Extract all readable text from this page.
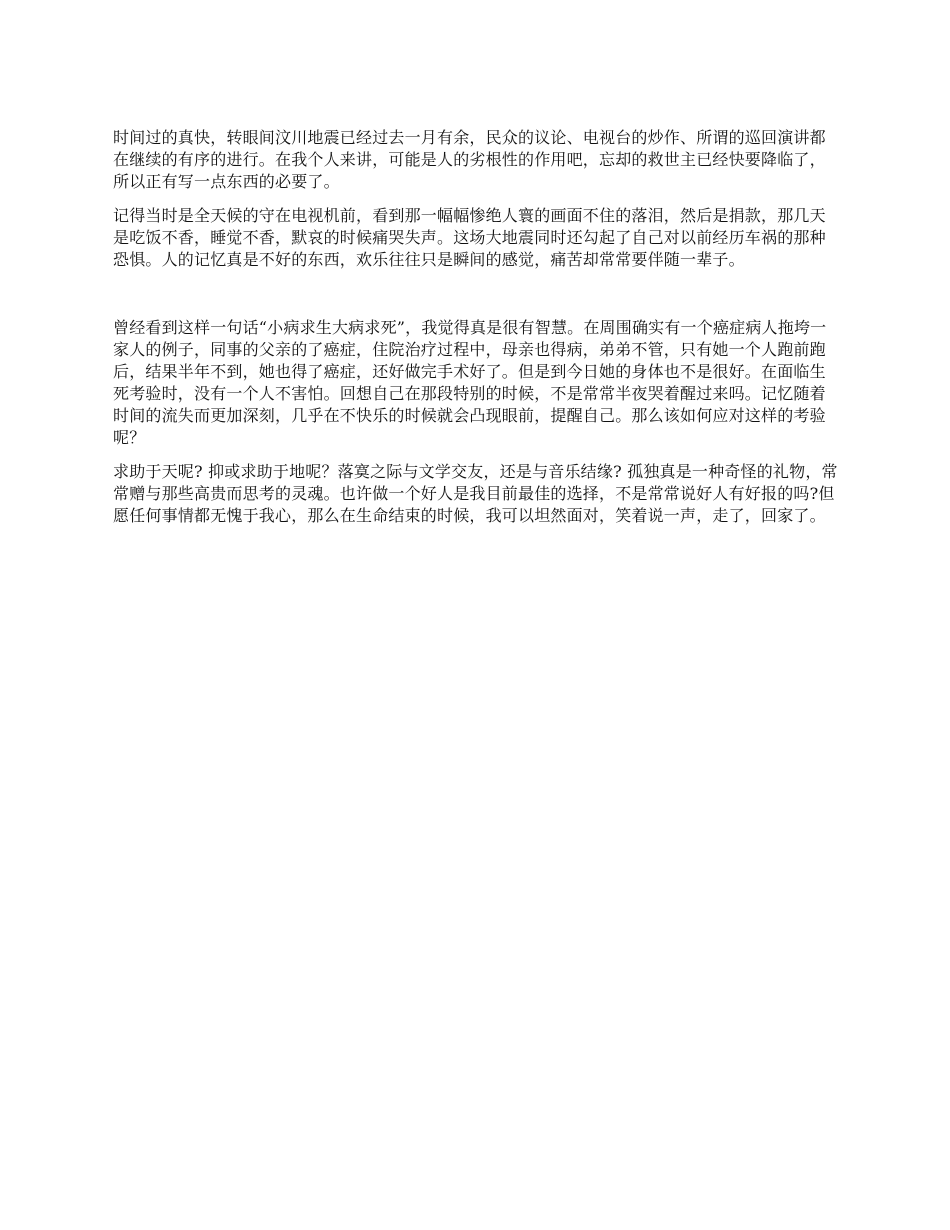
时间过的真快，转眼间汶川地震已经过去一月有余，民众的议论、电视台的炒作、所谓的巡回演讲都在继续的有序的进行。在我个人来讲，可能是人的劣根性的作用吧，忘却的救世主已经快要降临了，所以正有写一点东西的必要了。

记得当时是全天候的守在电视机前，看到那一幅幅惨绝人寰的画面不住的落泪，然后是捐款，那几天是吃饭不香，睡觉不香，默哀的时候痛哭失声。这场大地震同时还勾起了自己对以前经历车祸的那种恐惧。人的记忆真是不好的东西，欢乐往往只是瞬间的感觉，痛苦却常常要伴随一辈子。

曾经看到这样一句话“小病求生大病求死”，我觉得真是很有智慧。在周围确实有一个癌症病人拖垮一家人的例子，同事的父亲的了癌症，住院治疗过程中，母亲也得病，弟弟不管，只有她一个人跑前跑后，结果半年不到，她也得了癌症，还好做完手术好了。但是到今日她的身体也不是很好。在面临生死考验时，没有一个人不害怕。回想自己在那段特别的时候，不是常常半夜哭着醒过来吗。记忆随着时间的流失而更加深刻，几乎在不快乐的时候就会凸现眼前，提醒自己。那么该如何应对这样的考验呢？

求助于天呢? 抑或求助于地呢？落寞之际与文学交友，还是与音乐结缘? 孤独真是一种奇怪的礼物，常常赠与那些高贵而思考的灵魂。也许做一个好人是我目前最佳的选择，不是常常说好人有好报的吗?但愿任何事情都无愧于我心，那么在生命结束的时候，我可以坦然面对，笑着说一声，走了，回家了。
